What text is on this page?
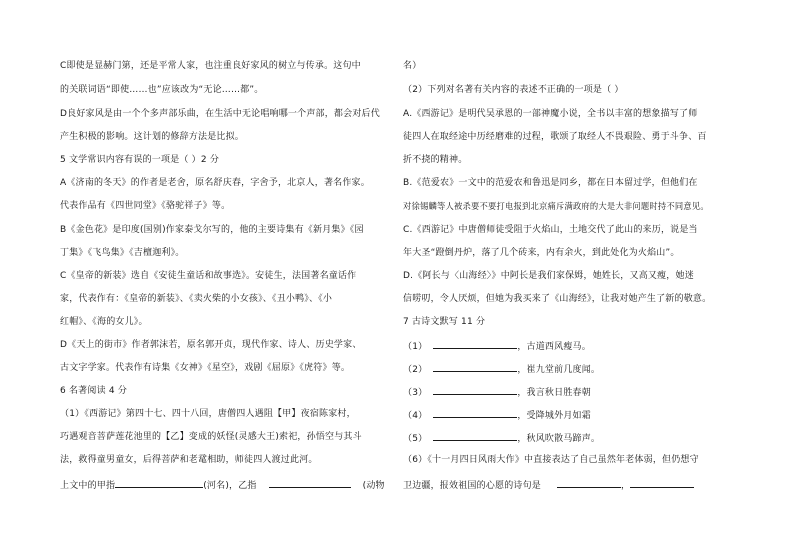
C即使是显赫门第，还是平常人家，也注重良好家风的树立与传承。这句中
的关联词语“即使……也”应该改为“无论……都”。
D良好家风是由一个个多声部乐曲，在生活中无论唱响哪一个声部，都会对后代
产生积极的影响。这计划的修辞方法是比拟。
5 文学常识内容有误的一项是（ ）2 分
A《济南的冬天》的作者是老舍，原名舒庆春，字舍予，北京人，著名作家。
代表作品有《四世同堂》《骆驼祥子》等。
B《金色花》是印度(国别)作家泰戈尔写的，他的主要诗集有《新月集》《园
丁集》《飞鸟集》《吉檀迦利》。
C《皇帝的新装》选自《安徒生童话和故事选》。安徒生，法国著名童话作
家，代表作有：《皇帝的新装》、《卖火柴的小女孩》、《丑小鸭》、《小
红帽》、《海的女儿》。
D《天上的街市》作者郭沫若，原名郭开贞，现代作家、诗人、历史学家、
古文字学家。代表作有诗集《女神》《星空》，戏剧《屈原》《虎符》等。
6 名著阅读 4 分
（1）《西游记》第四十七、四十八回，唐僧四人遇阻【甲】夜宿陈家村，
巧遇观音菩萨莲花池里的【乙】变成的妖怪(灵感大王)索祀，孙悟空与其斗
法，救得童男童女，后得菩萨和老鼋相助，师徒四人渡过此河。
上文中的甲指	(河名)，乙指	(动物
名）
（2）下列对名著有关内容的表述不正确的一项是（ ）
A.《西游记》是明代吴承恩的一部神魔小说，全书以丰富的想象描写了师
徒四人在取经途中历经磨难的过程，歌颂了取经人不畏艰险、勇于斗争、百
折不挠的精神。
B.《范爱农》一文中的范爱农和鲁迅是同乡，都在日本留过学，但他们在
对徐锡麟等人被杀要不要打电报到北京痛斥满政府的大是大非问题时持不同意见。
C.《西游记》中唐僧师徒受阻于火焰山，土地交代了此山的来历，说是当
年大圣“蹬倒丹炉，落了几个砖来，内有余火，到此处化为火焰山”。
D.《阿长与〈山海经〉》中阿长是我们家保姆，她姓长，又高又瘦，她迷
信唠叨，令人厌烦，但她为我买来了《山海经》，让我对她产生了新的敬意。
7 古诗文默写 11 分
（1）	，古道西风瘦马。
（2）	，崔九堂前几度闻。
（3）	，我言秋日胜春朝
（4）	，受降城外月如霜
（5）	，秋风吹散马蹄声。
（6）《十一月四日风雨大作》中直接表达了自己虽然年老体弱，但仍想守
卫边疆，报效祖国的心愿的诗句是	，
